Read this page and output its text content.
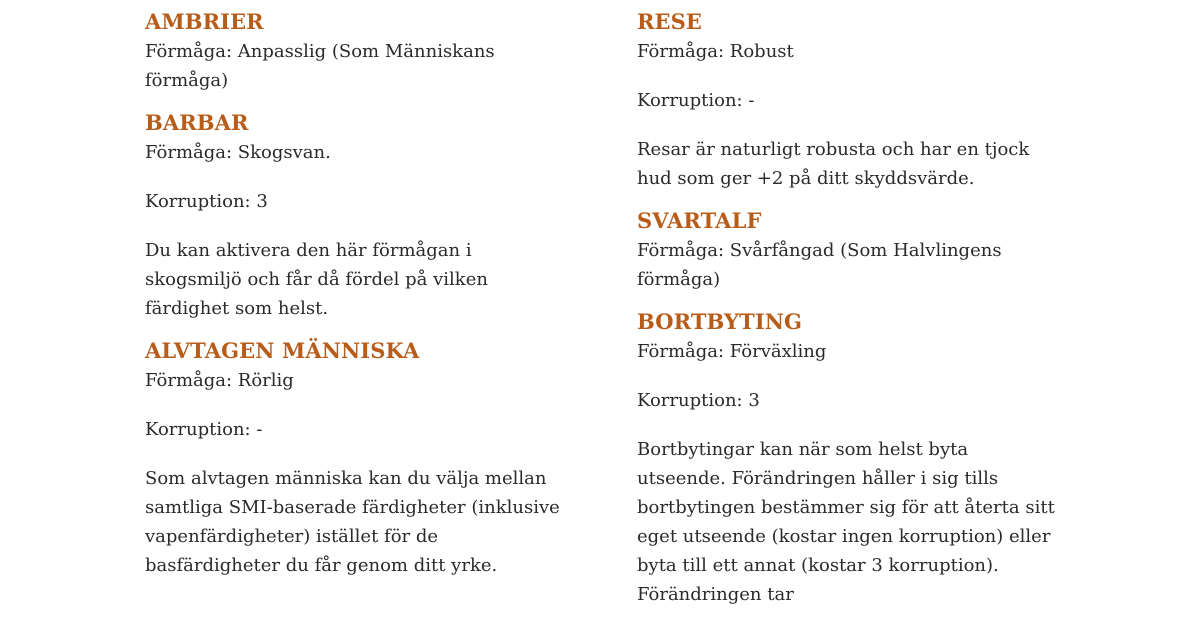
AMBRIER
Förmåga: Anpasslig (Som Människans förmåga)
BARBAR
Förmåga: Skogsvan.
Korruption: 3
Du kan aktivera den här förmågan i skogsmiljö och får då fördel på vilken färdighet som helst.
ALVTAGEN MÄNNISKA
Förmåga: Rörlig
Korruption: -
Som alvtagen människa kan du välja mellan samtliga SMI-baserade färdigheter (inklusive vapenfärdigheter) istället för de basfärdigheter du får genom ditt yrke.
RESE
Förmåga: Robust
Korruption: -
Resar är naturligt robusta och har en tjock hud som ger +2 på ditt skyddsvärde.
SVARTALF
Förmåga: Svårfångad (Som Halvlingens förmåga)
BORTBYTING
Förmåga: Förväxling
Korruption: 3
Bortbytingar kan när som helst byta utseende. Förändringen håller i sig tills bortbytingen bestämmer sig för att återta sitt eget utseende (kostar ingen korruption) eller byta till ett annat (kostar 3 korruption). Förändringen tar
